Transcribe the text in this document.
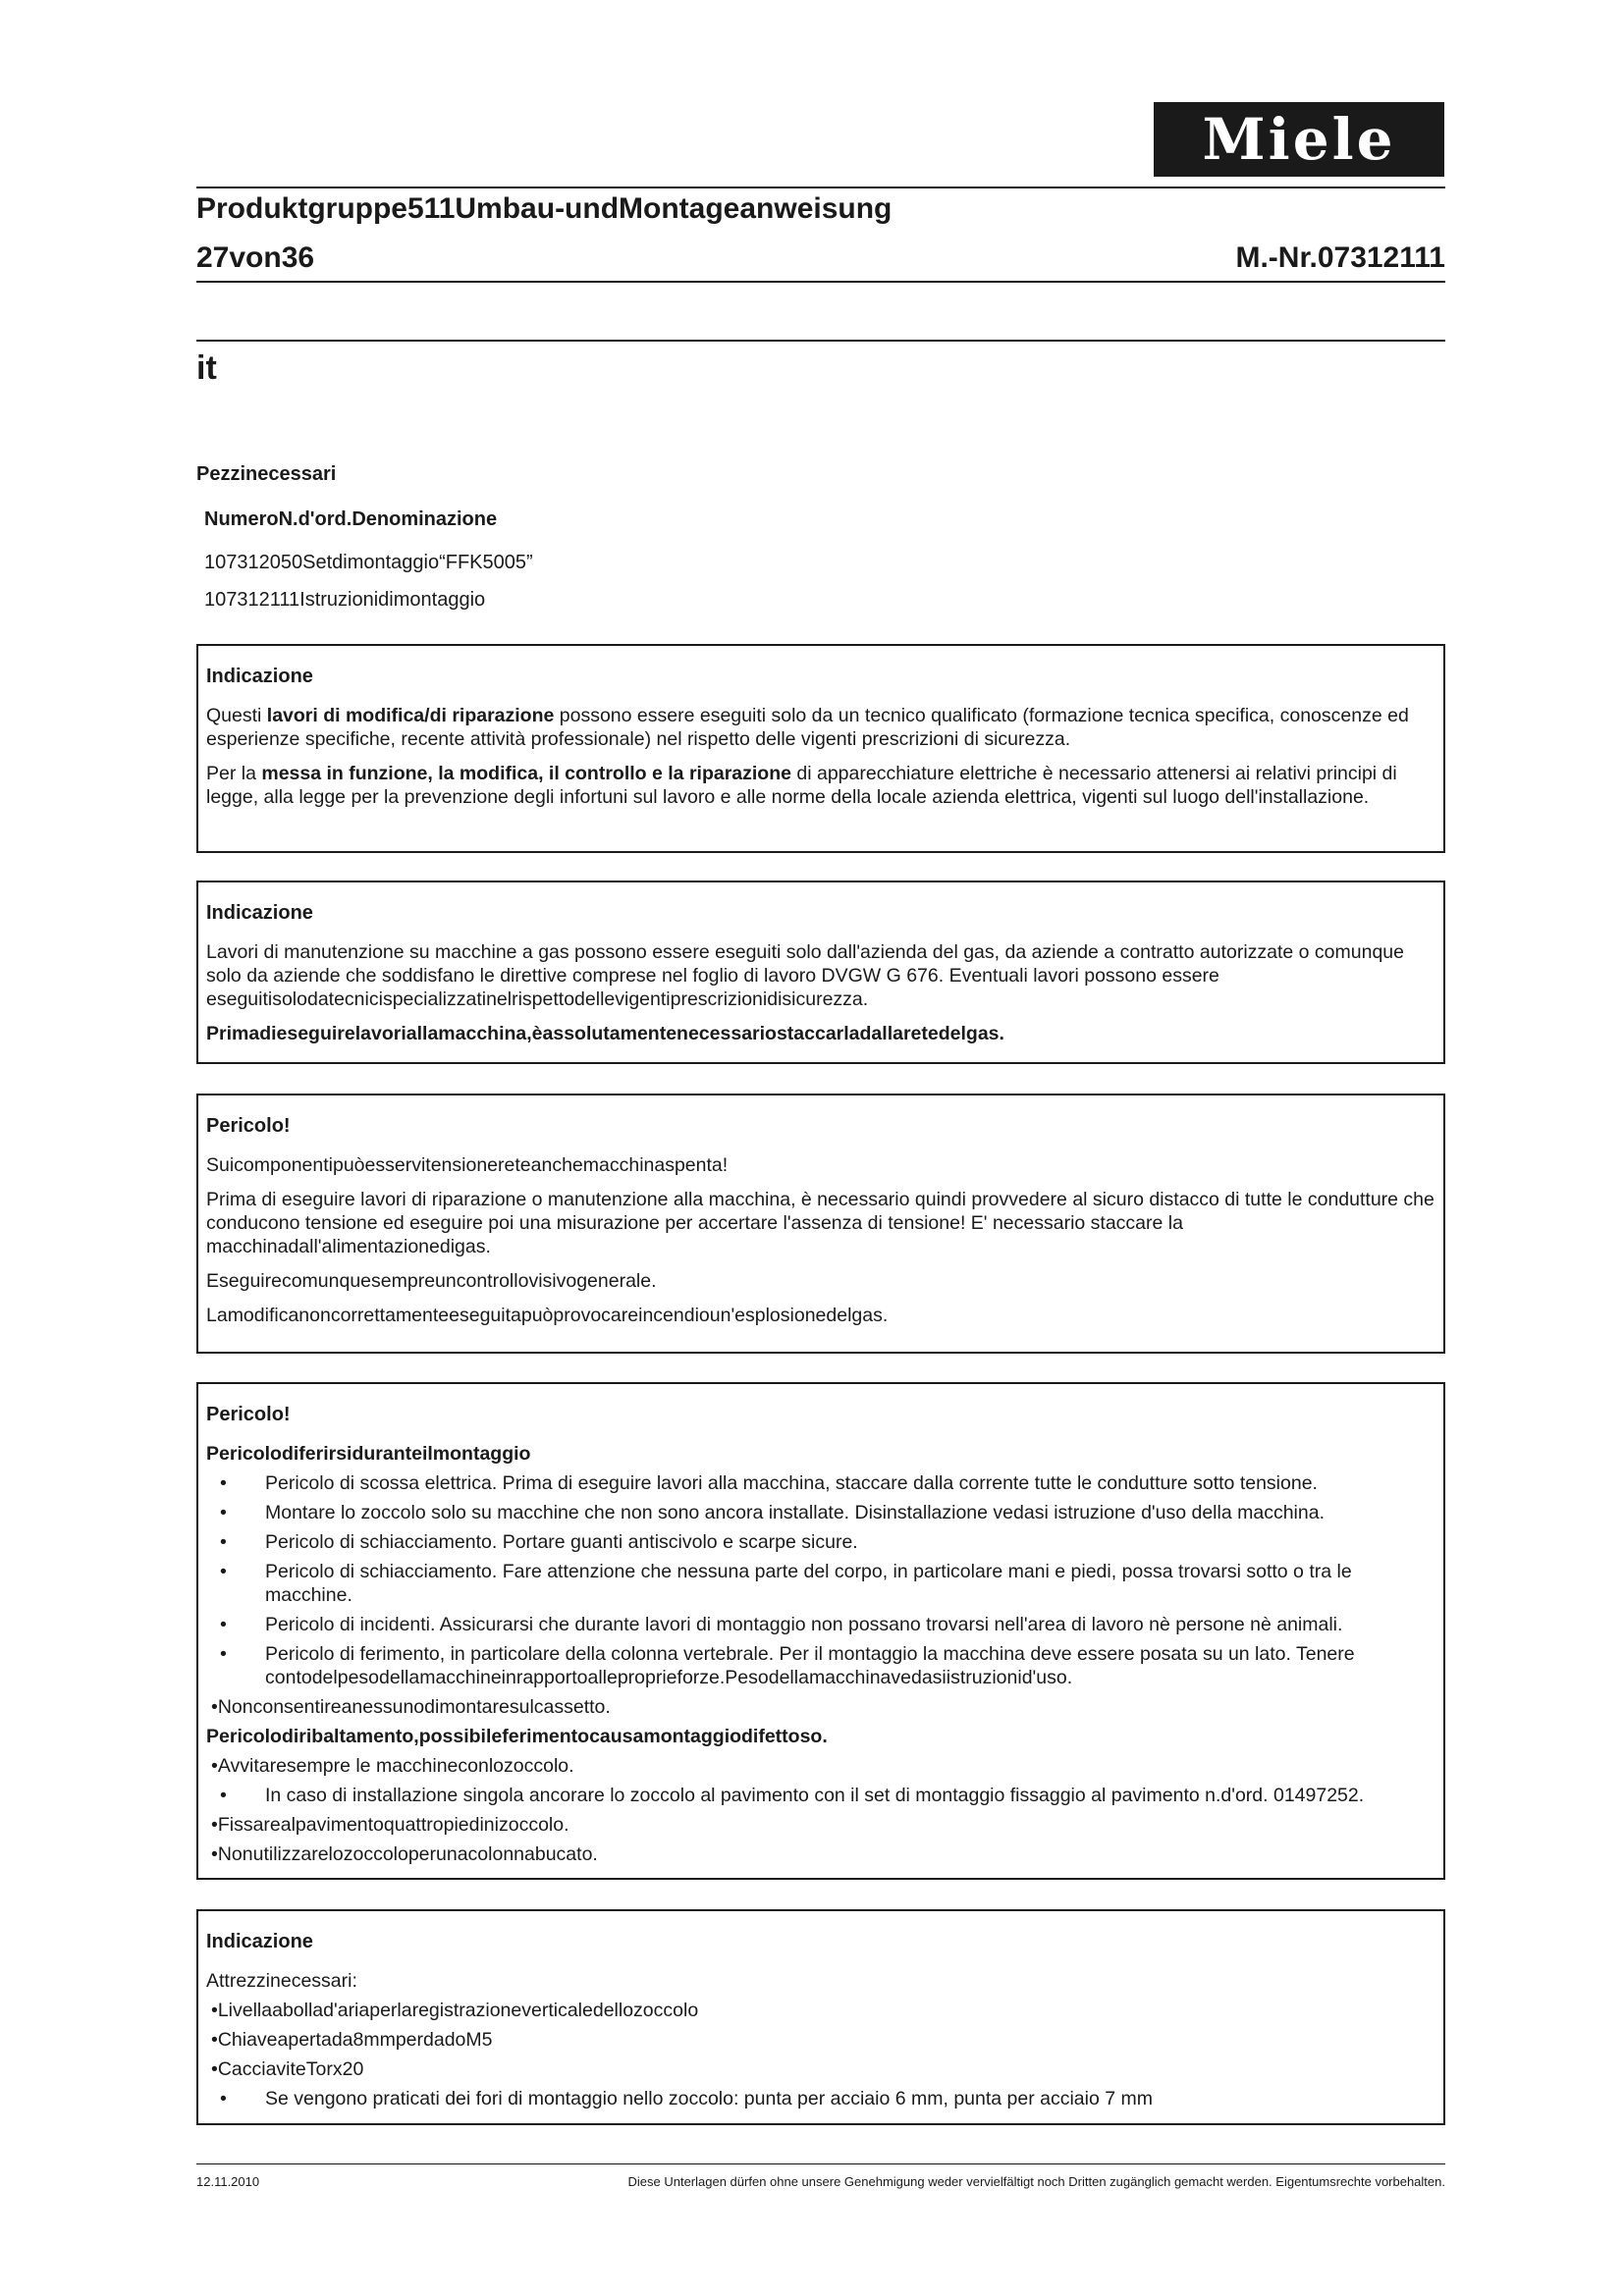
Miele
Produktgruppe511Umbau-undMontageanweisung
27von36	M.-Nr.07312111
it
Pezzinecessari
NumeroN.d'ord.Denominazione
107312050Setdimontaggio“FFK5005”
107312111Istruzionidimontaggio
Indicazione

Questi lavori di modifica/di riparazione possono essere eseguiti solo da un tecnico qualificato (formazione tecnica specifica, conoscenze ed esperienze specifiche, recente attività professionale) nel rispetto delle vigenti prescrizioni di sicurezza.

Per la messa in funzione, la modifica, il controllo e la riparazione di apparecchiature elettriche è necessario attenersi ai relativi principi di legge, alla legge per la prevenzione degli infortuni sul lavoro e alle norme della locale azienda elettrica, vigenti sul luogo dell'installazione.

Indicazione

Lavori di manutenzione su macchine a gas possono essere eseguiti solo dall'azienda del gas, da aziende a contratto autorizzate o comunque solo da aziende che soddisfano le direttive comprese nel foglio di lavoro DVGW G 676. Eventuali lavori possono essere eseguitisolodatecnicispecializzatinelrispettodellevigentiprescrizionidisicurezza.

Primadieseguirelavoriallamacchina,èassolutamentenecessariostaccarladallaretedelgas.

Pericolo!

Suicomponentipuòesservitensionereteanchemacchinaspenta!

Prima di eseguire lavori di riparazione o manutenzione alla macchina, è necessario quindi provvedere al sicuro distacco di tutte le condutture che conducono tensione ed eseguire poi una misurazione per accertare l'assenza di tensione! E' necessario staccare la macchinadall'alimentazionedigas.

Eseguirecomunquesempreuncontrollovisivogenerale.

Lamodificanoncorrettamenteeseguitapuòprovocareincendioun'esplosionedelgas.

Pericolo!
Pericolodiferirsiduranteilmontaggio
• Pericolo di scossa elettrica. Prima di eseguire lavori alla macchina, staccare dalla corrente tutte le condutture sotto tensione.
• Montare lo zoccolo solo su macchine che non sono ancora installate. Disinstallazione vedasi istruzione d'uso della macchina.
• Pericolo di schiacciamento. Portare guanti antiscivolo e scarpe sicure.
• Pericolo di schiacciamento. Fare attenzione che nessuna parte del corpo, in particolare mani e piedi, possa trovarsi sotto o tra le macchine.
• Pericolo di incidenti. Assicurarsi che durante lavori di montaggio non possano trovarsi nell'area di lavoro nè persone nè animali.
• Pericolo di ferimento, in particolare della colonna vertebrale. Per il montaggio la macchina deve essere posata su un lato. Tenere contodelpesodellamacchineinrapportoalleproprieforze.Pesodellamacchinavedasiistruzionid'uso.
•Nonconsentireanessunodimontaresulcassetto.
Pericolodiribaltamento,possibileferimentocausamontaggiodifettoso.
•Avvitaresempre le macchineconlozoccolo.
• In caso di installazione singola ancorare lo zoccolo al pavimento con il set di montaggio fissaggio al pavimento n.d'ord. 01497252.
•Fissarealpavimentoquattropiedinizoccolo.
•Nonutilizzarelozoccoloperunacolonnabucato.
Indicazione
Attrezzinecessari:
•Livellaabollad'ariaperlaregistrazioneverticaledellozoccolo
•Chiaveapertada8mmperdadoM5
•CacciaviteTorx20
• Se vengono praticati dei fori di montaggio nello zoccolo: punta per acciaio 6 mm, punta per acciaio 7 mm
12.11.2010	Diese Unterlagen dürfen ohne unsere Genehmigung weder vervielfältigt noch Dritten zugänglich gemacht werden. Eigentumsrechte vorbehalten.
